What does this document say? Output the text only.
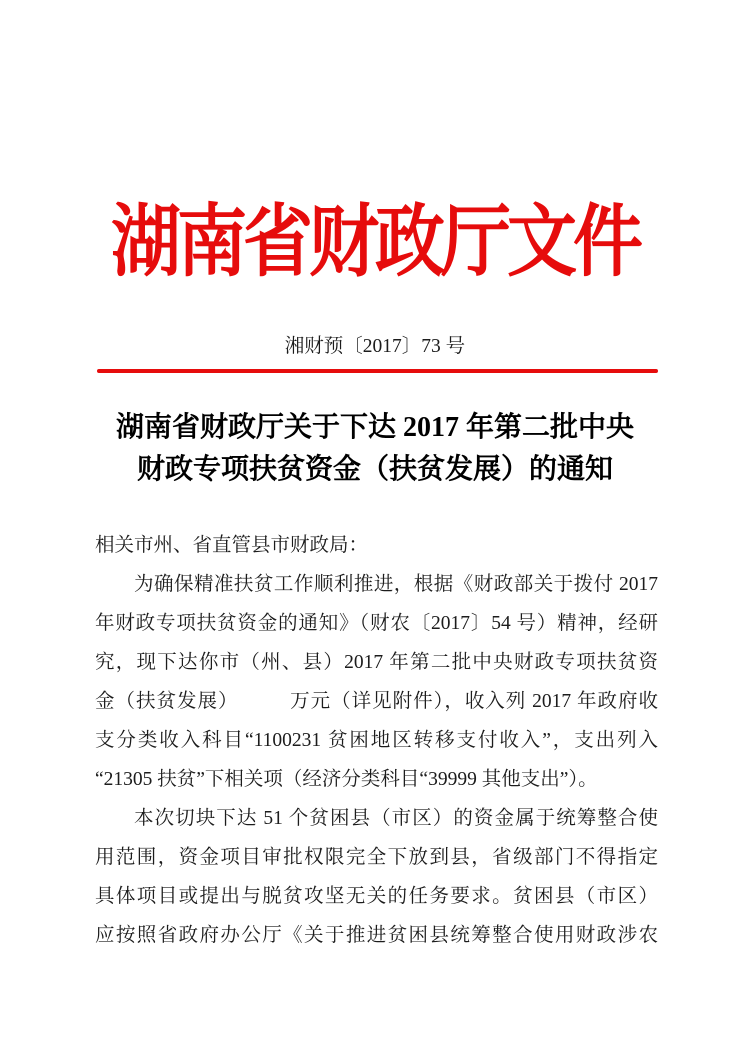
湖南省财政厅文件
湘财预〔2017〕73 号
湖南省财政厅关于下达 2017 年第二批中央
财政专项扶贫资金（扶贫发展）的通知
相关市州、省直管县市财政局：
为确保精准扶贫工作顺利推进，根据《财政部关于拨付 2017
年财政专项扶贫资金的通知》（财农〔2017〕54 号）精神，经研
究，现下达你市（州、县）2017 年第二批中央财政专项扶贫资
金（扶贫发展）　　　万元（详见附件），收入列 2017 年政府收
支分类收入科目“1100231 贫困地区转移支付收入”，支出列入
“21305 扶贫”下相关项（经济分类科目“39999 其他支出”）。
本次切块下达 51 个贫困县（市区）的资金属于统筹整合使
用范围，资金项目审批权限完全下放到县，省级部门不得指定
具体项目或提出与脱贫攻坚无关的任务要求。贫困县（市区）
应按照省政府办公厅《关于推进贫困县统筹整合使用财政涉农
